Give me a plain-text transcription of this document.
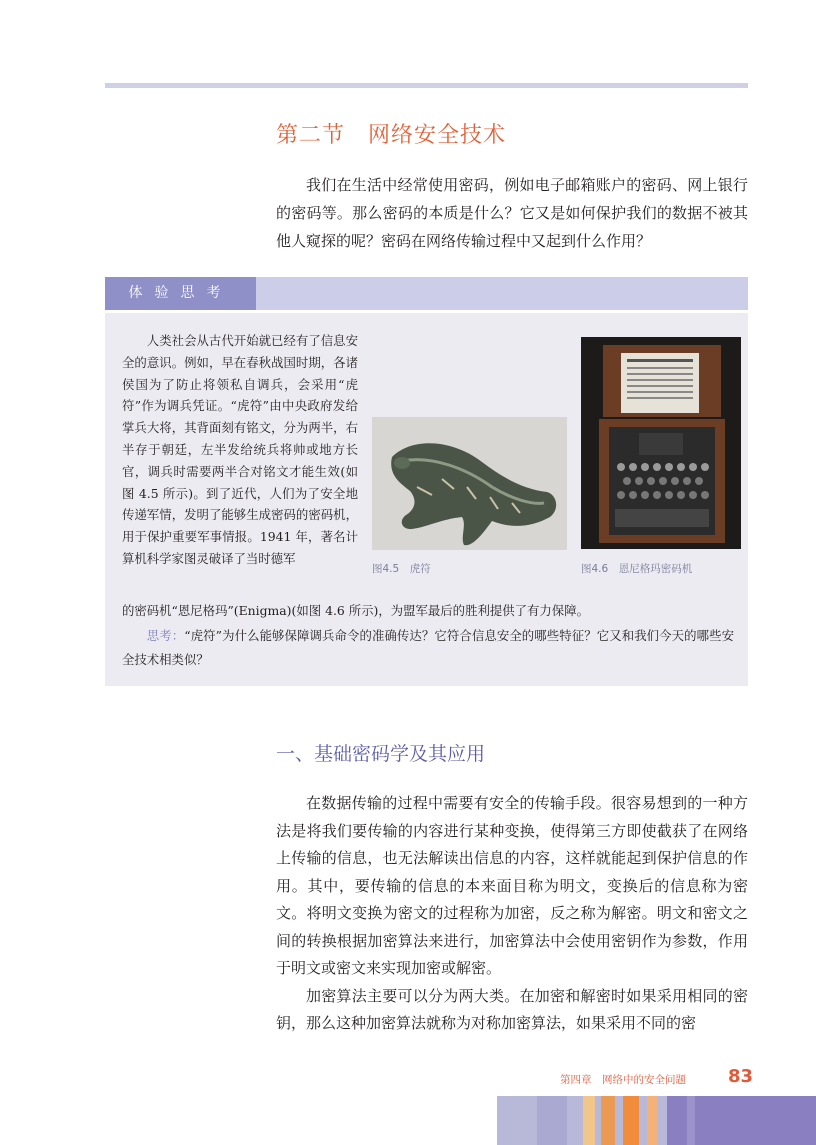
第二节　网络安全技术

我们在生活中经常使用密码，例如电子邮箱账户的密码、网上银行的密码等。那么密码的本质是什么？它又是如何保护我们的数据不被其他人窥探的呢？密码在网络传输过程中又起到什么作用？

体验思考

人类社会从古代开始就已经有了信息安全的意识。例如，早在春秋战国时期，各诸侯国为了防止将领私自调兵，会采用“虎符”作为调兵凭证。“虎符”由中央政府发给掌兵大将，其背面刻有铭文，分为两半，右半存于朝廷，左半发给统兵将帅或地方长官，调兵时需要两半合对铭文才能生效(如图 4.5 所示)。到了近代，人们为了安全地传递军情，发明了能够生成密码的密码机，用于保护重要军事情报。1941 年，著名计算机科学家图灵破译了当时德军

图4.5　虎符	图4.6　恩尼格玛密码机
的密码机“恩尼格玛”(Enigma)(如图 4.6 所示)，为盟军最后的胜利提供了有力保障。
思考：“虎符”为什么能够保障调兵命令的准确传达？它符合信息安全的哪些特征？它又和我们今天的哪些安全技术相类似？
一、基础密码学及其应用

在数据传输的过程中需要有安全的传输手段。很容易想到的一种方法是将我们要传输的内容进行某种变换，使得第三方即使截获了在网络上传输的信息，也无法解读出信息的内容，这样就能起到保护信息的作用。其中，要传输的信息的本来面目称为明文，变换后的信息称为密文。将明文变换为密文的过程称为加密，反之称为解密。明文和密文之间的转换根据加密算法来进行，加密算法中会使用密钥作为参数，作用于明文或密文来实现加密或解密。

加密算法主要可以分为两大类。在加密和解密时如果采用相同的密钥，那么这种加密算法就称为对称加密算法，如果采用不同的密

第四章　网络中的安全问题 83
